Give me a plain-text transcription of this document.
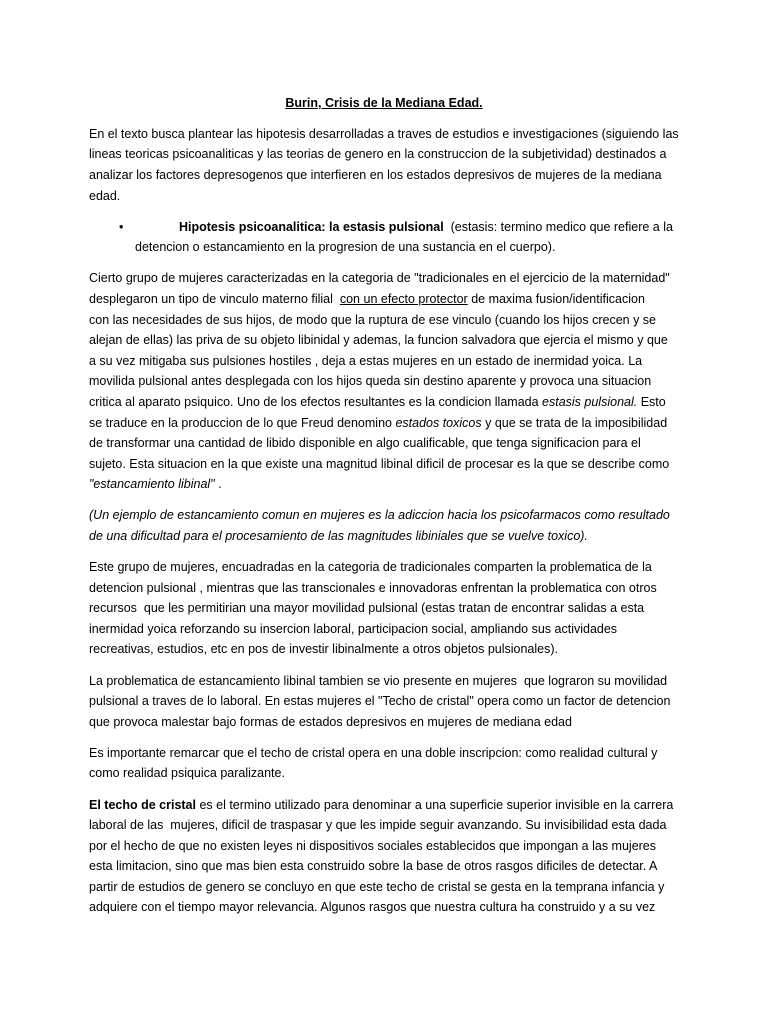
Burin, Crisis de la Mediana Edad.
En el texto busca plantear las hipotesis desarrolladas a traves de estudios e investigaciones (siguiendo las
lineas teoricas psicoanaliticas y las teorias de genero en la construccion de la subjetividad) destinados a
analizar los factores depresogenos que interfieren en los estados depresivos de mujeres de la mediana
edad.
•	Hipotesis psicoanalitica: la estasis pulsional  (estasis: termino medico que refiere a la
detencion o estancamiento en la progresion de una sustancia en el cuerpo).
Cierto grupo de mujeres caracterizadas en la categoria de "tradicionales en el ejercicio de la maternidad"
desplegaron un tipo de vinculo materno filial  con un efecto protector de maxima fusion/identificacion
con las necesidades de sus hijos, de modo que la ruptura de ese vinculo (cuando los hijos crecen y se
alejan de ellas) las priva de su objeto libinidal y ademas, la funcion salvadora que ejercia el mismo y que
a su vez mitigaba sus pulsiones hostiles , deja a estas mujeres en un estado de inermidad yoica. La
movilida pulsional antes desplegada con los hijos queda sin destino aparente y provoca una situacion
critica al aparato psiquico. Uno de los efectos resultantes es la condicion llamada estasis pulsional. Esto
se traduce en la produccion de lo que Freud denomino estados toxicos y que se trata de la imposibilidad
de transformar una cantidad de libido disponible en algo cualificable, que tenga significacion para el
sujeto. Esta situacion en la que existe una magnitud libinal dificil de procesar es la que se describe como
"estancamiento libinal" .
(Un ejemplo de estancamiento comun en mujeres es la adiccion hacia los psicofarmacos como resultado
de una dificultad para el procesamiento de las magnitudes libiniales que se vuelve toxico).
Este grupo de mujeres, encuadradas en la categoria de tradicionales comparten la problematica de la
detencion pulsional , mientras que las transcionales e innovadoras enfrentan la problematica con otros
recursos  que les permitirian una mayor movilidad pulsional (estas tratan de encontrar salidas a esta
inermidad yoica reforzando su insercion laboral, participacion social, ampliando sus actividades
recreativas, estudios, etc en pos de investir libinalmente a otros objetos pulsionales).
La problematica de estancamiento libinal tambien se vio presente en mujeres  que lograron su movilidad
pulsional a traves de lo laboral. En estas mujeres el "Techo de cristal" opera como un factor de detencion
que provoca malestar bajo formas de estados depresivos en mujeres de mediana edad
Es importante remarcar que el techo de cristal opera en una doble inscripcion: como realidad cultural y
como realidad psiquica paralizante.
El techo de cristal es el termino utilizado para denominar a una superficie superior invisible en la carrera
laboral de las  mujeres, dificil de traspasar y que les impide seguir avanzando. Su invisibilidad esta dada
por el hecho de que no existen leyes ni dispositivos sociales establecidos que impongan a las mujeres
esta limitacion, sino que mas bien esta construido sobre la base de otros rasgos dificiles de detectar. A
partir de estudios de genero se concluyo en que este techo de cristal se gesta en la temprana infancia y
adquiere con el tiempo mayor relevancia. Algunos rasgos que nuestra cultura ha construido y a su vez
